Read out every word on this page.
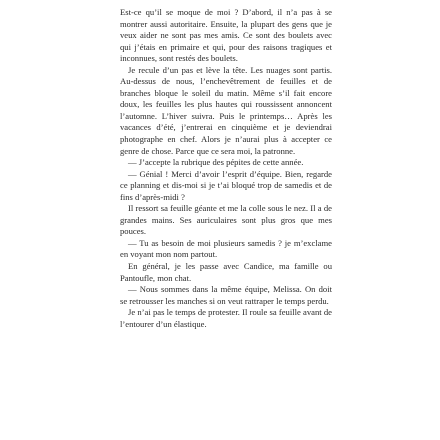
Est-ce qu’il se moque de moi ? D’abord, il n’a pas à se montrer aussi autoritaire. Ensuite, la plupart des gens que je veux aider ne sont pas mes amis. Ce sont des boulets avec qui j’étais en primaire et qui, pour des raisons tragiques et inconnues, sont restés des boulets.

Je recule d’un pas et lève la tête. Les nuages sont partis. Au-dessus de nous, l’enchevêtrement de feuilles et de branches bloque le soleil du matin. Même s’il fait encore doux, les feuilles les plus hautes qui roussissent annoncent l’automne. L’hiver suivra. Puis le printemps… Après les vacances d’été, j’entrerai en cinquième et je deviendrai photographe en chef. Alors je n’aurai plus à accepter ce genre de chose. Parce que ce sera moi, la patronne.

— J’accepte la rubrique des pépites de cette année.

— Génial ! Merci d’avoir l’esprit d’équipe. Bien, regarde ce planning et dis-moi si je t’ai bloqué trop de samedis et de fins d’après-midi ?

Il ressort sa feuille géante et me la colle sous le nez. Il a de grandes mains. Ses auriculaires sont plus gros que mes pouces.

— Tu as besoin de moi plusieurs samedis ? je m’exclame en voyant mon nom partout.

En général, je les passe avec Candice, ma famille ou Pantoufle, mon chat.

— Nous sommes dans la même équipe, Melissa. On doit se retrousser les manches si on veut rattraper le temps perdu.

Je n’ai pas le temps de protester. Il roule sa feuille avant de l’entourer d’un élastique.
